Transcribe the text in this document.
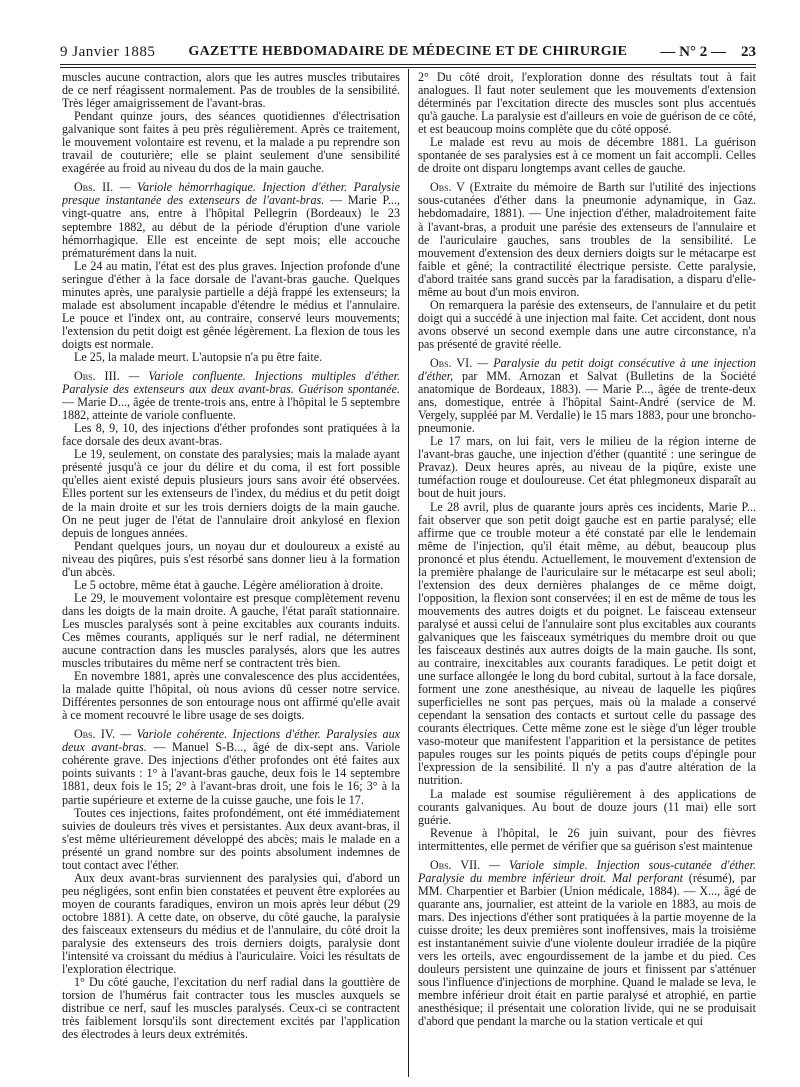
9 Janvier 1885 GAZETTE HEBDOMADAIRE DE MÉDECINE ET DE CHIRURGIE — N° 2 — 23

muscles aucune contraction, alors que les autres muscles tributaires de ce nerf réagissent normalement. Pas de troubles de la sensibilité. Très léger amaigrissement de l'avant-bras.

Pendant quinze jours, des séances quotidiennes d'électrisation galvanique sont faites à peu près régulièrement. Après ce traitement, le mouvement volontaire est revenu, et la malade a pu reprendre son travail de couturière; elle se plaint seulement d'une sensibilité exagérée au froid au niveau du dos de la main gauche.

Obs. II. — Variole hémorrhagique. Injection d'éther. Paralysie presque instantanée des extenseurs de l'avant-bras. — Marie P..., vingt-quatre ans, entre à l'hôpital Pellegrin (Bordeaux) le 23 septembre 1882, au début de la période d'éruption d'une variole hémorrhagique. Elle est enceinte de sept mois; elle accouche prématurément dans la nuit.

Le 24 au matin, l'état est des plus graves. Injection profonde d'une seringue d'éther à la face dorsale de l'avant-bras gauche. Quelques minutes après, une paralysie partielle a déjà frappé les extenseurs; la malade est absolument incapable d'étendre le médius et l'annulaire. Le pouce et l'index ont, au contraire, conservé leurs mouvements; l'extension du petit doigt est gênée légèrement. La flexion de tous les doigts est normale.

Le 25, la malade meurt. L'autopsie n'a pu être faite.

Obs. III. — Variole confluente. Injections multiples d'éther. Paralysie des extenseurs aux deux avant-bras. Guérison spontanée. — Marie D..., âgée de trente-trois ans, entre à l'hôpital le 5 septembre 1882, atteinte de variole confluente.

Les 8, 9, 10, des injections d'éther profondes sont pratiquées à la face dorsale des deux avant-bras.

Le 19, seulement, on constate des paralysies; mais la malade ayant présenté jusqu'à ce jour du délire et du coma, il est fort possible qu'elles aient existé depuis plusieurs jours sans avoir été observées. Elles portent sur les extenseurs de l'index, du médius et du petit doigt de la main droite et sur les trois derniers doigts de la main gauche. On ne peut juger de l'état de l'annulaire droit ankylosé en flexion depuis de longues années.

Pendant quelques jours, un noyau dur et douloureux a existé au niveau des piqûres, puis s'est résorbé sans donner lieu à la formation d'un abcès.

Le 5 octobre, même état à gauche. Légère amélioration à droite.

Le 29, le mouvement volontaire est presque complètement revenu dans les doigts de la main droite. A gauche, l'état paraît stationnaire. Les muscles paralysés sont à peine excitables aux courants induits. Ces mêmes courants, appliqués sur le nerf radial, ne déterminent aucune contraction dans les muscles paralysés, alors que les autres muscles tributaires du même nerf se contractent très bien.

En novembre 1881, après une convalescence des plus accidentées, la malade quitte l'hôpital, où nous avions dû cesser notre service. Différentes personnes de son entourage nous ont affirmé qu'elle avait à ce moment recouvré le libre usage de ses doigts.

Obs. IV. — Variole cohérente. Injections d'éther. Paralysies aux deux avant-bras. — Manuel S-B..., âgé de dix-sept ans. Variole cohérente grave. Des injections d'éther profondes ont été faites aux points suivants : 1° à l'avant-bras gauche, deux fois le 14 septembre 1881, deux fois le 15; 2° à l'avant-bras droit, une fois le 16; 3° à la partie supérieure et externe de la cuisse gauche, une fois le 17.

Toutes ces injections, faites profondément, ont été immédiatement suivies de douleurs très vives et persistantes. Aux deux avant-bras, il s'est même ultérieurement développé des abcès; mais le malade en a présenté un grand nombre sur des points absolument indemnes de tout contact avec l'éther.

Aux deux avant-bras surviennent des paralysies qui, d'abord un peu négligées, sont enfin bien constatées et peuvent être explorées au moyen de courants faradiques, environ un mois après leur début (29 octobre 1881). A cette date, on observe, du côté gauche, la paralysie des faisceaux extenseurs du médius et de l'annulaire, du côté droit la paralysie des extenseurs des trois derniers doigts, paralysie dont l'intensité va croissant du médius à l'auriculaire. Voici les résultats de l'exploration électrique.

1° Du côté gauche, l'excitation du nerf radial dans la gouttière de torsion de l'humérus fait contracter tous les muscles auxquels se distribue ce nerf, sauf les muscles paralysés. Ceux-ci se contractent très faiblement lorsqu'ils sont directement excités par l'application des électrodes à leurs deux extrémités.

2° Du côté droit, l'exploration donne des résultats tout à fait analogues. Il faut noter seulement que les mouvements d'extension déterminés par l'excitation directe des muscles sont plus accentués qu'à gauche. La paralysie est d'ailleurs en voie de guérison de ce côté, et est beaucoup moins complète que du côté opposé.

Le malade est revu au mois de décembre 1881. La guérison spontanée de ses paralysies est à ce moment un fait accompli. Celles de droite ont disparu longtemps avant celles de gauche.

Obs. V (Extraite du mémoire de Barth sur l'utilité des injections sous-cutanées d'éther dans la pneumonie adynamique, in Gaz. hebdomadaire, 1881). — Une injection d'éther, maladroitement faite à l'avant-bras, a produit une parésie des extenseurs de l'annulaire et de l'auriculaire gauches, sans troubles de la sensibilité. Le mouvement d'extension des deux derniers doigts sur le métacarpe est faible et gêné; la contractilité électrique persiste. Cette paralysie, d'abord traitée sans grand succès par la faradisation, a disparu d'elle-même au bout d'un mois environ.

On remarquera la parésie des extenseurs, de l'annulaire et du petit doigt qui a succédé à une injection mal faite. Cet accident, dont nous avons observé un second exemple dans une autre circonstance, n'a pas présenté de gravité réelle.

Obs. VI. — Paralysie du petit doigt consécutive à une injection d'éther, par MM. Arnozan et Salvat (Bulletins de la Société anatomique de Bordeaux, 1883). — Marie P..., âgée de trente-deux ans, domestique, entrée à l'hôpital Saint-André (service de M. Vergely, suppléé par M. Verdalle) le 15 mars 1883, pour une broncho-pneumonie.

Le 17 mars, on lui fait, vers le milieu de la région interne de l'avant-bras gauche, une injection d'éther (quantité : une seringue de Pravaz). Deux heures après, au niveau de la piqûre, existe une tuméfaction rouge et douloureuse. Cet état phlegmoneux disparaît au bout de huit jours.

Le 28 avril, plus de quarante jours après ces incidents, Marie P... fait observer que son petit doigt gauche est en partie paralysé; elle affirme que ce trouble moteur a été constaté par elle le lendemain même de l'injection, qu'il était même, au début, beaucoup plus prononcé et plus étendu. Actuellement, le mouvement d'extension de la première phalange de l'auriculaire sur le métacarpe est seul aboli; l'extension des deux dernières phalanges de ce même doigt, l'opposition, la flexion sont conservées; il en est de même de tous les mouvements des autres doigts et du poignet. Le faisceau extenseur paralysé et aussi celui de l'annulaire sont plus excitables aux courants galvaniques que les faisceaux symétriques du membre droit ou que les faisceaux destinés aux autres doigts de la main gauche. Ils sont, au contraire, inexcitables aux courants faradiques. Le petit doigt et une surface allongée le long du bord cubital, surtout à la face dorsale, forment une zone anesthésique, au niveau de laquelle les piqûres superficielles ne sont pas perçues, mais où la malade a conservé cependant la sensation des contacts et surtout celle du passage des courants électriques. Cette même zone est le siège d'un léger trouble vaso-moteur que manifestent l'apparition et la persistance de petites papules rouges sur les points piqués de petits coups d'épingle pour l'expression de la sensibilité. Il n'y a pas d'autre altération de la nutrition.

La malade est soumise régulièrement à des applications de courants galvaniques. Au bout de douze jours (11 mai) elle sort guérie.

Revenue à l'hôpital, le 26 juin suivant, pour des fièvres intermittentes, elle permet de vérifier que sa guérison s'est maintenue

Obs. VII. — Variole simple. Injection sous-cutanée d'éther. Paralysie du membre inférieur droit. Mal perforant (résumé), par MM. Charpentier et Barbier (Union médicale, 1884). — X..., âgé de quarante ans, journalier, est atteint de la variole en 1883, au mois de mars. Des injections d'éther sont pratiquées à la partie moyenne de la cuisse droite; les deux premières sont inoffensives, mais la troisième est instantanément suivie d'une violente douleur irradiée de la piqûre vers les orteils, avec engourdissement de la jambe et du pied. Ces douleurs persistent une quinzaine de jours et finissent par s'atténuer sous l'influence d'injections de morphine. Quand le malade se leva, le membre inférieur droit était en partie paralysé et atrophié, en partie anesthésique; il présentait une coloration livide, qui ne se produisait d'abord que pendant la marche ou la station verticale et qui
